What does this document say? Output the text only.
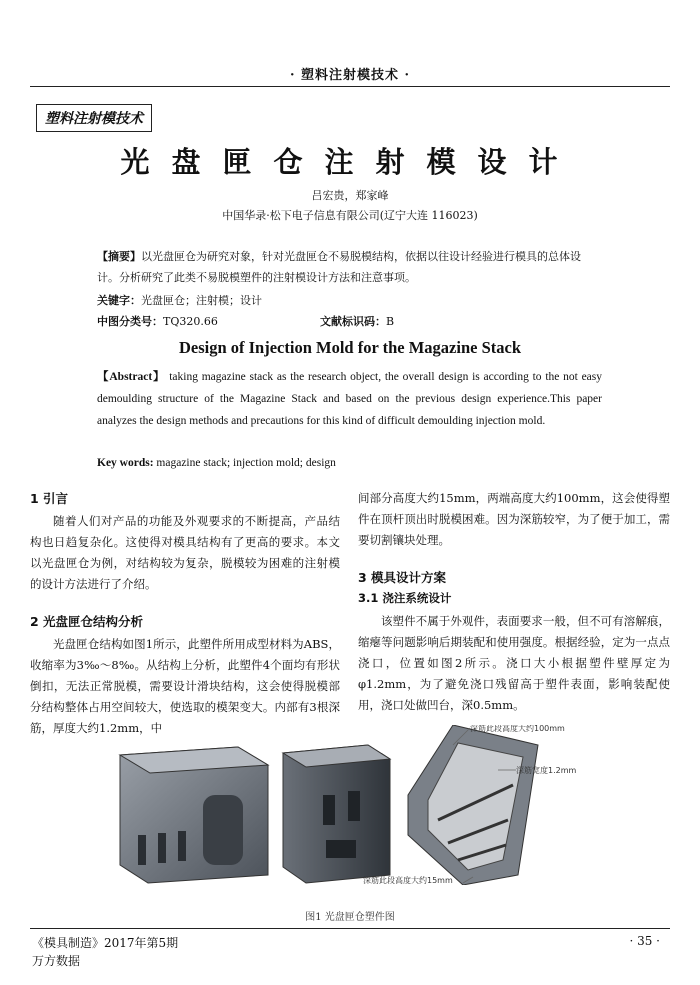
· 塑料注射模技术 ·
塑料注射模技术
光盘匣仓注射模设计
吕宏贵，郑家峰
中国华录·松下电子信息有限公司(辽宁大连 116023)
【摘要】以光盘匣仓为研究对象，针对光盘匣仓不易脱模结构，依据以往设计经验进行模具的总体设计。分析研究了此类不易脱模塑件的注射模设计方法和注意事项。
关键字：光盘匣仓；注射模；设计
中图分类号：TQ320.66	文献标识码：B
Design of Injection Mold for the Magazine Stack
【Abstract】 taking magazine stack as the research object, the overall design is according to the not easy demoulding structure of the Magazine Stack and based on the previous design experience.This paper analyzes the design methods and precautions for this kind of difficult demoulding injection mold.
Key words: magazine stack; injection mold; design
1 引言

随着人们对产品的功能及外观要求的不断提高，产品结构也日趋复杂化。这使得对模具结构有了更高的要求。本文以光盘匣仓为例，对结构较为复杂，脱模较为困难的注射模的设计方法进行了介绍。

2 光盘匣仓结构分析

光盘匣仓结构如图1所示，此塑件所用成型材料为ABS，收缩率为3‰～8‰。从结构上分析，此塑件4个面均有形状倒扣，无法正常脱模，需要设计滑块结构，这会使得脱模部分结构整体占用空间较大，使选取的模架变大。内部有3根深筋，厚度大约1.2mm，中

间部分高度大约15mm，两端高度大约100mm，这会使得塑件在顶杆顶出时脱模困难。因为深筋较窄，为了便于加工，需要切割镶块处理。
3 模具设计方案
3.1 浇注系统设计

该塑件不属于外观件，表面要求一般，但不可有溶解痕，缩瘪等问题影响后期装配和使用强度。根据经验，定为一点点浇口，位置如图2所示。浇口大小根据塑件壁厚定为φ1.2mm，为了避免浇口残留高于塑件表面，影响装配使用，浇口处做凹台，深0.5mm。

深筋此段高度大约100mm
深筋宽度1.2mm
深筋此段高度大约15mm
图1 光盘匣仓塑件图
《模具制造》2017年第5期
万方数据
· 35 ·
